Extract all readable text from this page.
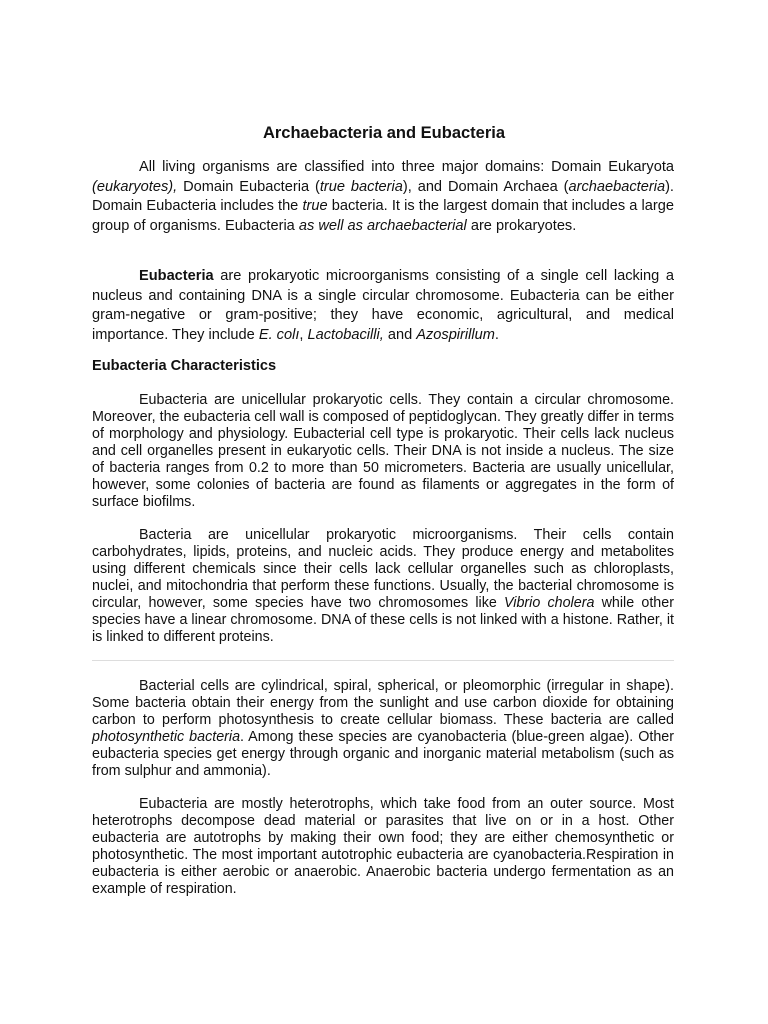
Archaebacteria and Eubacteria

All living organisms are classified into three major domains: Domain Eukaryota (eukaryotes), Domain Eubacteria (true bacteria), and Domain Archaea (archaebacteria). Domain Eubacteria includes the true bacteria. It is the largest domain that includes a large group of organisms. Eubacteria as well as archaebacterial are prokaryotes.

Eubacteria are prokaryotic microorganisms consisting of a single cell lacking a nucleus and containing DNA is a single circular chromosome. Eubacteria can be either gram-negative or gram-positive; they have economic, agricultural, and medical importance. They include E. colı, Lactobacilli, and Azospirillum.

Eubacteria Characteristics

Eubacteria are unicellular prokaryotic cells. They contain a circular chromosome. Moreover, the eubacteria cell wall is composed of peptidoglycan. They greatly differ in terms of morphology and physiology. Eubacterial cell type is prokaryotic. Their cells lack nucleus and cell organelles present in eukaryotic cells. Their DNA is not inside a nucleus. The size of bacteria ranges from 0.2 to more than 50 micrometers. Bacteria are usually unicellular, however, some colonies of bacteria are found as filaments or aggregates in the form of surface biofilms.

Bacteria are unicellular prokaryotic microorganisms. Their cells contain carbohydrates, lipids, proteins, and nucleic acids. They produce energy and metabolites using different chemicals since their cells lack cellular organelles such as chloroplasts, nuclei, and mitochondria that perform these functions. Usually, the bacterial chromosome is circular, however, some species have two chromosomes like Vibrio cholera while other species have a linear chromosome. DNA of these cells is not linked with a histone. Rather, it is linked to different proteins.

Bacterial cells are cylindrical, spiral, spherical, or pleomorphic (irregular in shape). Some bacteria obtain their energy from the sunlight and use carbon dioxide for obtaining carbon to perform photosynthesis to create cellular biomass. These bacteria are called photosynthetic bacteria. Among these species are cyanobacteria (blue-green algae). Other eubacteria species get energy through organic and inorganic material metabolism (such as from sulphur and ammonia).

Eubacteria are mostly heterotrophs, which take food from an outer source. Most heterotrophs decompose dead material or parasites that live on or in a host. Other eubacteria are autotrophs by making their own food; they are either chemosynthetic or photosynthetic. The most important autotrophic eubacteria are cyanobacteria.Respiration in eubacteria is either aerobic or anaerobic. Anaerobic bacteria undergo fermentation as an example of respiration.
